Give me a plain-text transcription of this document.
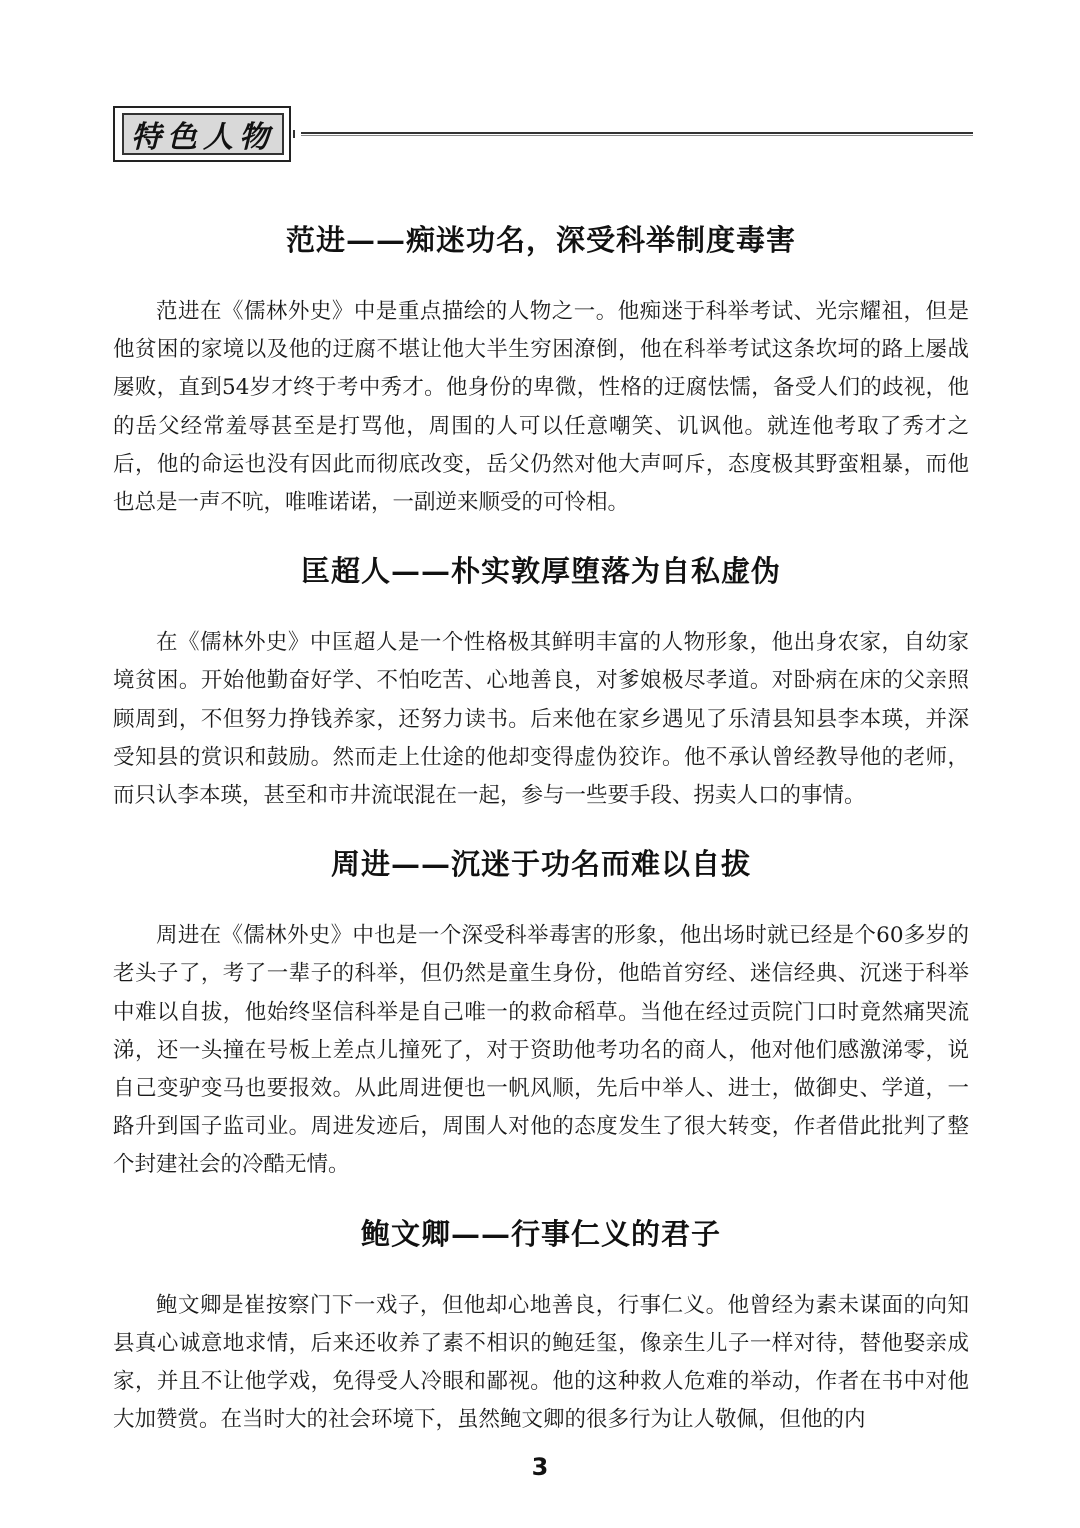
特色人物
范进——痴迷功名，深受科举制度毒害

范进在《儒林外史》中是重点描绘的人物之一。他痴迷于科举考试、光宗耀祖，但是他贫困的家境以及他的迂腐不堪让他大半生穷困潦倒，他在科举考试这条坎坷的路上屡战屡败，直到54岁才终于考中秀才。他身份的卑微，性格的迂腐怯懦，备受人们的歧视，他的岳父经常羞辱甚至是打骂他，周围的人可以任意嘲笑、讥讽他。就连他考取了秀才之后，他的命运也没有因此而彻底改变，岳父仍然对他大声呵斥，态度极其野蛮粗暴，而他也总是一声不吭，唯唯诺诺，一副逆来顺受的可怜相。

匡超人——朴实敦厚堕落为自私虚伪

在《儒林外史》中匡超人是一个性格极其鲜明丰富的人物形象，他出身农家，自幼家境贫困。开始他勤奋好学、不怕吃苦、心地善良，对爹娘极尽孝道。对卧病在床的父亲照顾周到，不但努力挣钱养家，还努力读书。后来他在家乡遇见了乐清县知县李本瑛，并深受知县的赏识和鼓励。然而走上仕途的他却变得虚伪狡诈。他不承认曾经教导他的老师，而只认李本瑛，甚至和市井流氓混在一起，参与一些要手段、拐卖人口的事情。

周进——沉迷于功名而难以自拔

周进在《儒林外史》中也是一个深受科举毒害的形象，他出场时就已经是个60多岁的老头子了，考了一辈子的科举，但仍然是童生身份，他皓首穷经、迷信经典、沉迷于科举中难以自拔，他始终坚信科举是自己唯一的救命稻草。当他在经过贡院门口时竟然痛哭流涕，还一头撞在号板上差点儿撞死了，对于资助他考功名的商人，他对他们感激涕零，说自己变驴变马也要报效。从此周进便也一帆风顺，先后中举人、进士，做御史、学道，一路升到国子监司业。周进发迹后，周围人对他的态度发生了很大转变，作者借此批判了整个封建社会的冷酷无情。

鲍文卿——行事仁义的君子

鲍文卿是崔按察门下一戏子，但他却心地善良，行事仁义。他曾经为素未谋面的向知县真心诚意地求情，后来还收养了素不相识的鲍廷玺，像亲生儿子一样对待，替他娶亲成家，并且不让他学戏，免得受人冷眼和鄙视。他的这种救人危难的举动，作者在书中对他大加赞赏。在当时大的社会环境下，虽然鲍文卿的很多行为让人敬佩，但他的内

3
